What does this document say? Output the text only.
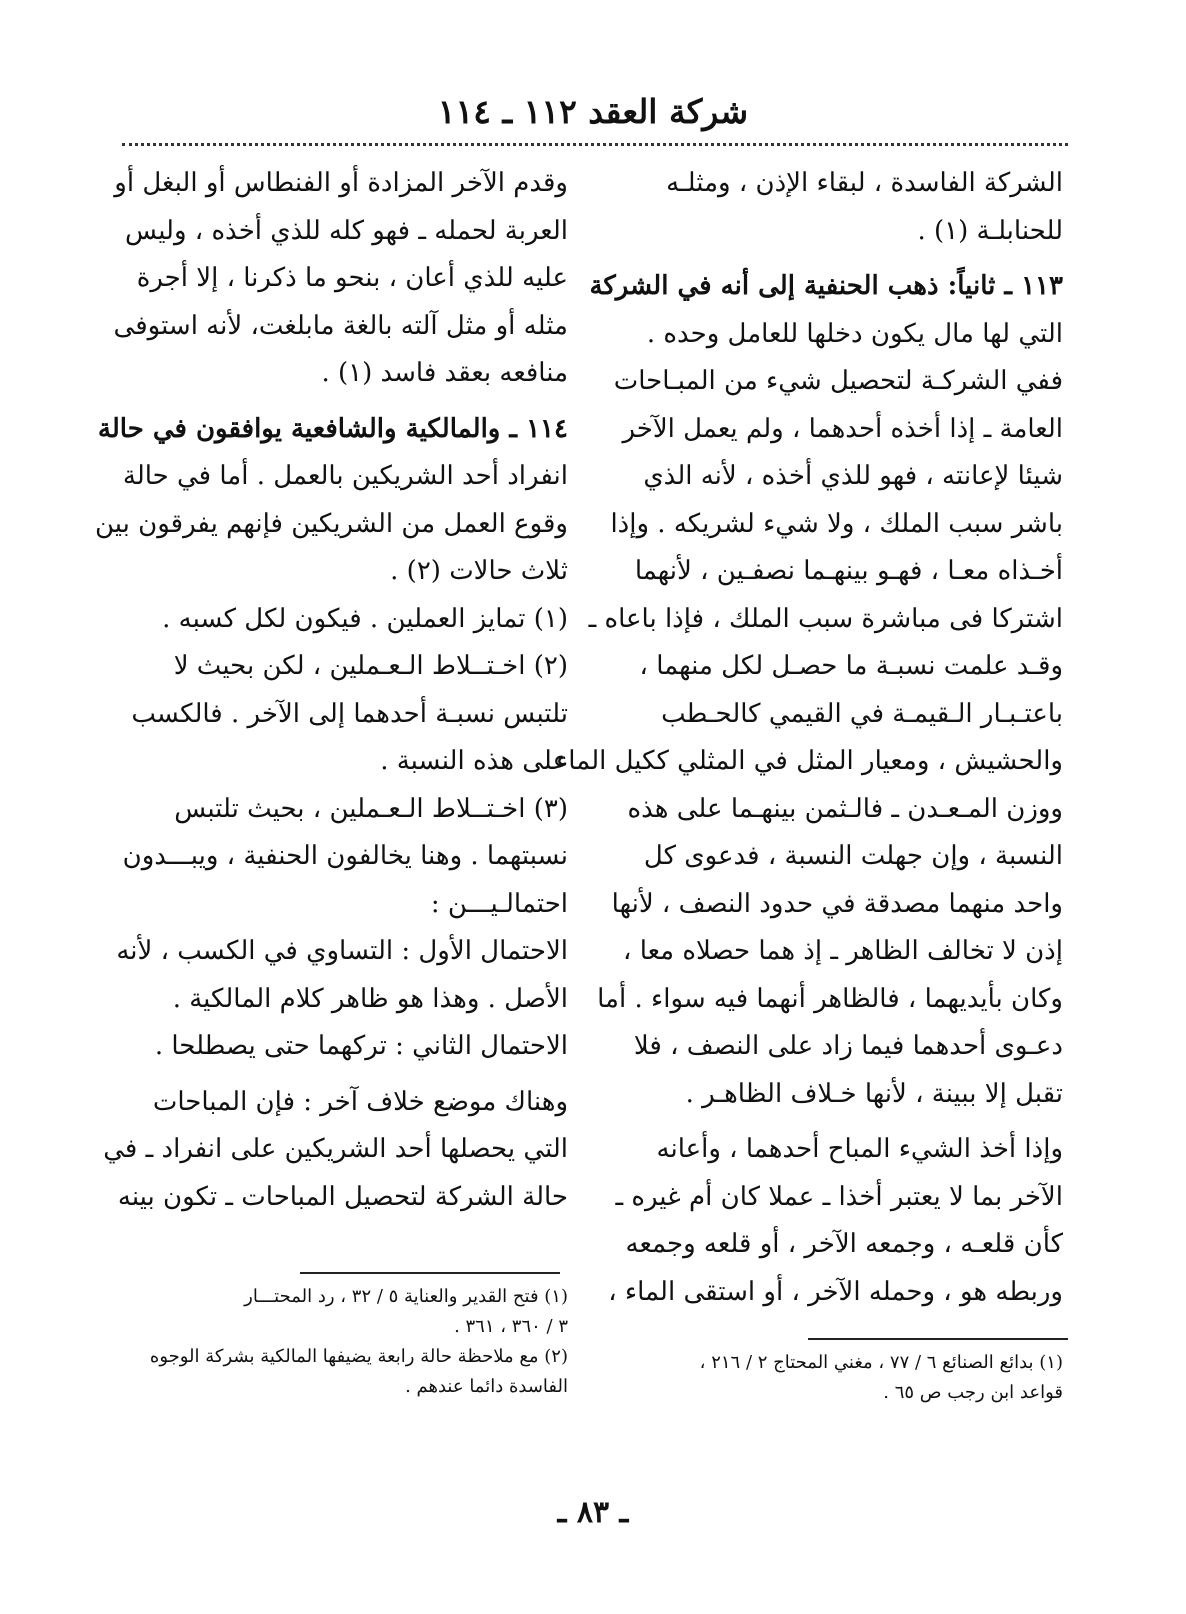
شركة العقد ١١٢ ـ ١١٤
الشركة الفاسدة ، لبقاء الإذن ، ومثلـه
للحنابلـة (١) .
١١٣ ـ ثانياً: ذهب الحنفية إلى أنه في الشركة
التي لها مال يكون دخلها للعامل وحده .
ففي الشركـة لتحصيل شيء من المبـاحات
العامة ـ إذا أخذه أحدهما ، ولم يعمل الآخر
شيئا لإعانته ، فهو للذي أخذه ، لأنه الذي
باشر سبب الملك ، ولا شيء لشريكه . وإذا
أخـذاه معـا ، فهـو بينهـما نصفـين ، لأنهما
اشتركا فى مباشرة سبب الملك ، فإذا باعاه ـ
وقـد علمت نسبـة ما حصـل لكل منهما ،
باعتـبـار الـقيمـة في القيمي كالحـطب
والحشيش ، ومعيار المثل في المثلي ككيل الماء
ووزن المـعـدن ـ فالـثمن بينهـما على هذه
النسبة ، وإن جهلت النسبة ، فدعوى كل
واحد منهما مصدقة في حدود النصف ، لأنها
إذن لا تخالف الظاهر ـ إذ هما حصلاه معا ،
وكان بأيديهما ، فالظاهر أنهما فيه سواء . أما
دعـوى أحدهما فيما زاد على النصف ، فلا
تقبل إلا ببينة ، لأنها خـلاف الظاهـر .
وإذا أخذ الشيء المباح أحدهما ، وأعانه
الآخر بما لا يعتبر أخذا ـ عملا كان أم غيره ـ
كأن قلعـه ، وجمعه الآخر ، أو قلعه وجمعه
وربطه هو ، وحمله الآخر ، أو استقى الماء ،
وقدم الآخر المزادة أو الفنطاس أو البغل أو
العربة لحمله ـ فهو كله للذي أخذه ، وليس
عليه للذي أعان ، بنحو ما ذكرنا ، إلا أجرة
مثله أو مثل آلته بالغة مابلغت، لأنه استوفى
منافعه بعقد فاسد (١) .
١١٤ ـ والمالكية والشافعية يوافقون في حالة
انفراد أحد الشريكين بالعمل . أما في حالة
وقوع العمل من الشريكين فإنهم يفرقون بين
ثلاث حالات (٢) .
(١) تمايز العملين . فيكون لكل كسبه .
(٢) اخـتــلاط الـعـملين ، لكن بحيث لا
تلتبس نسبـة أحدهما إلى الآخر . فالكسب
على هذه النسبة .
(٣) اخـتــلاط الـعـملين ، بحيث تلتبس
نسبتهما . وهنا يخالفون الحنفية ، ويبـــدون
احتمالـيـــن :
الاحتمال الأول : التساوي في الكسب ، لأنه
الأصل . وهذا هو ظاهر كلام المالكية .
الاحتمال الثاني : تركهما حتى يصطلحا .
وهناك موضع خلاف آخر : فإن المباحات
التي يحصلها أحد الشريكين على انفراد ـ في
حالة الشركة لتحصيل المباحات ـ تكون بينه
(١) فتح القدير والعناية ٥ / ٣٢ ، رد المحتـــار
٣ / ٣٦٠ ، ٣٦١ .
(٢) مع ملاحظة حالة رابعة يضيفها المالكية بشركة الوجوه
الفاسدة دائما عندهم .
(١) بدائع الصنائع ٦ / ٧٧ ، مغني المحتاج ٢ / ٢١٦ ،
قواعد ابن رجب ص ٦٥ .
ـ ٨٣ ـ
